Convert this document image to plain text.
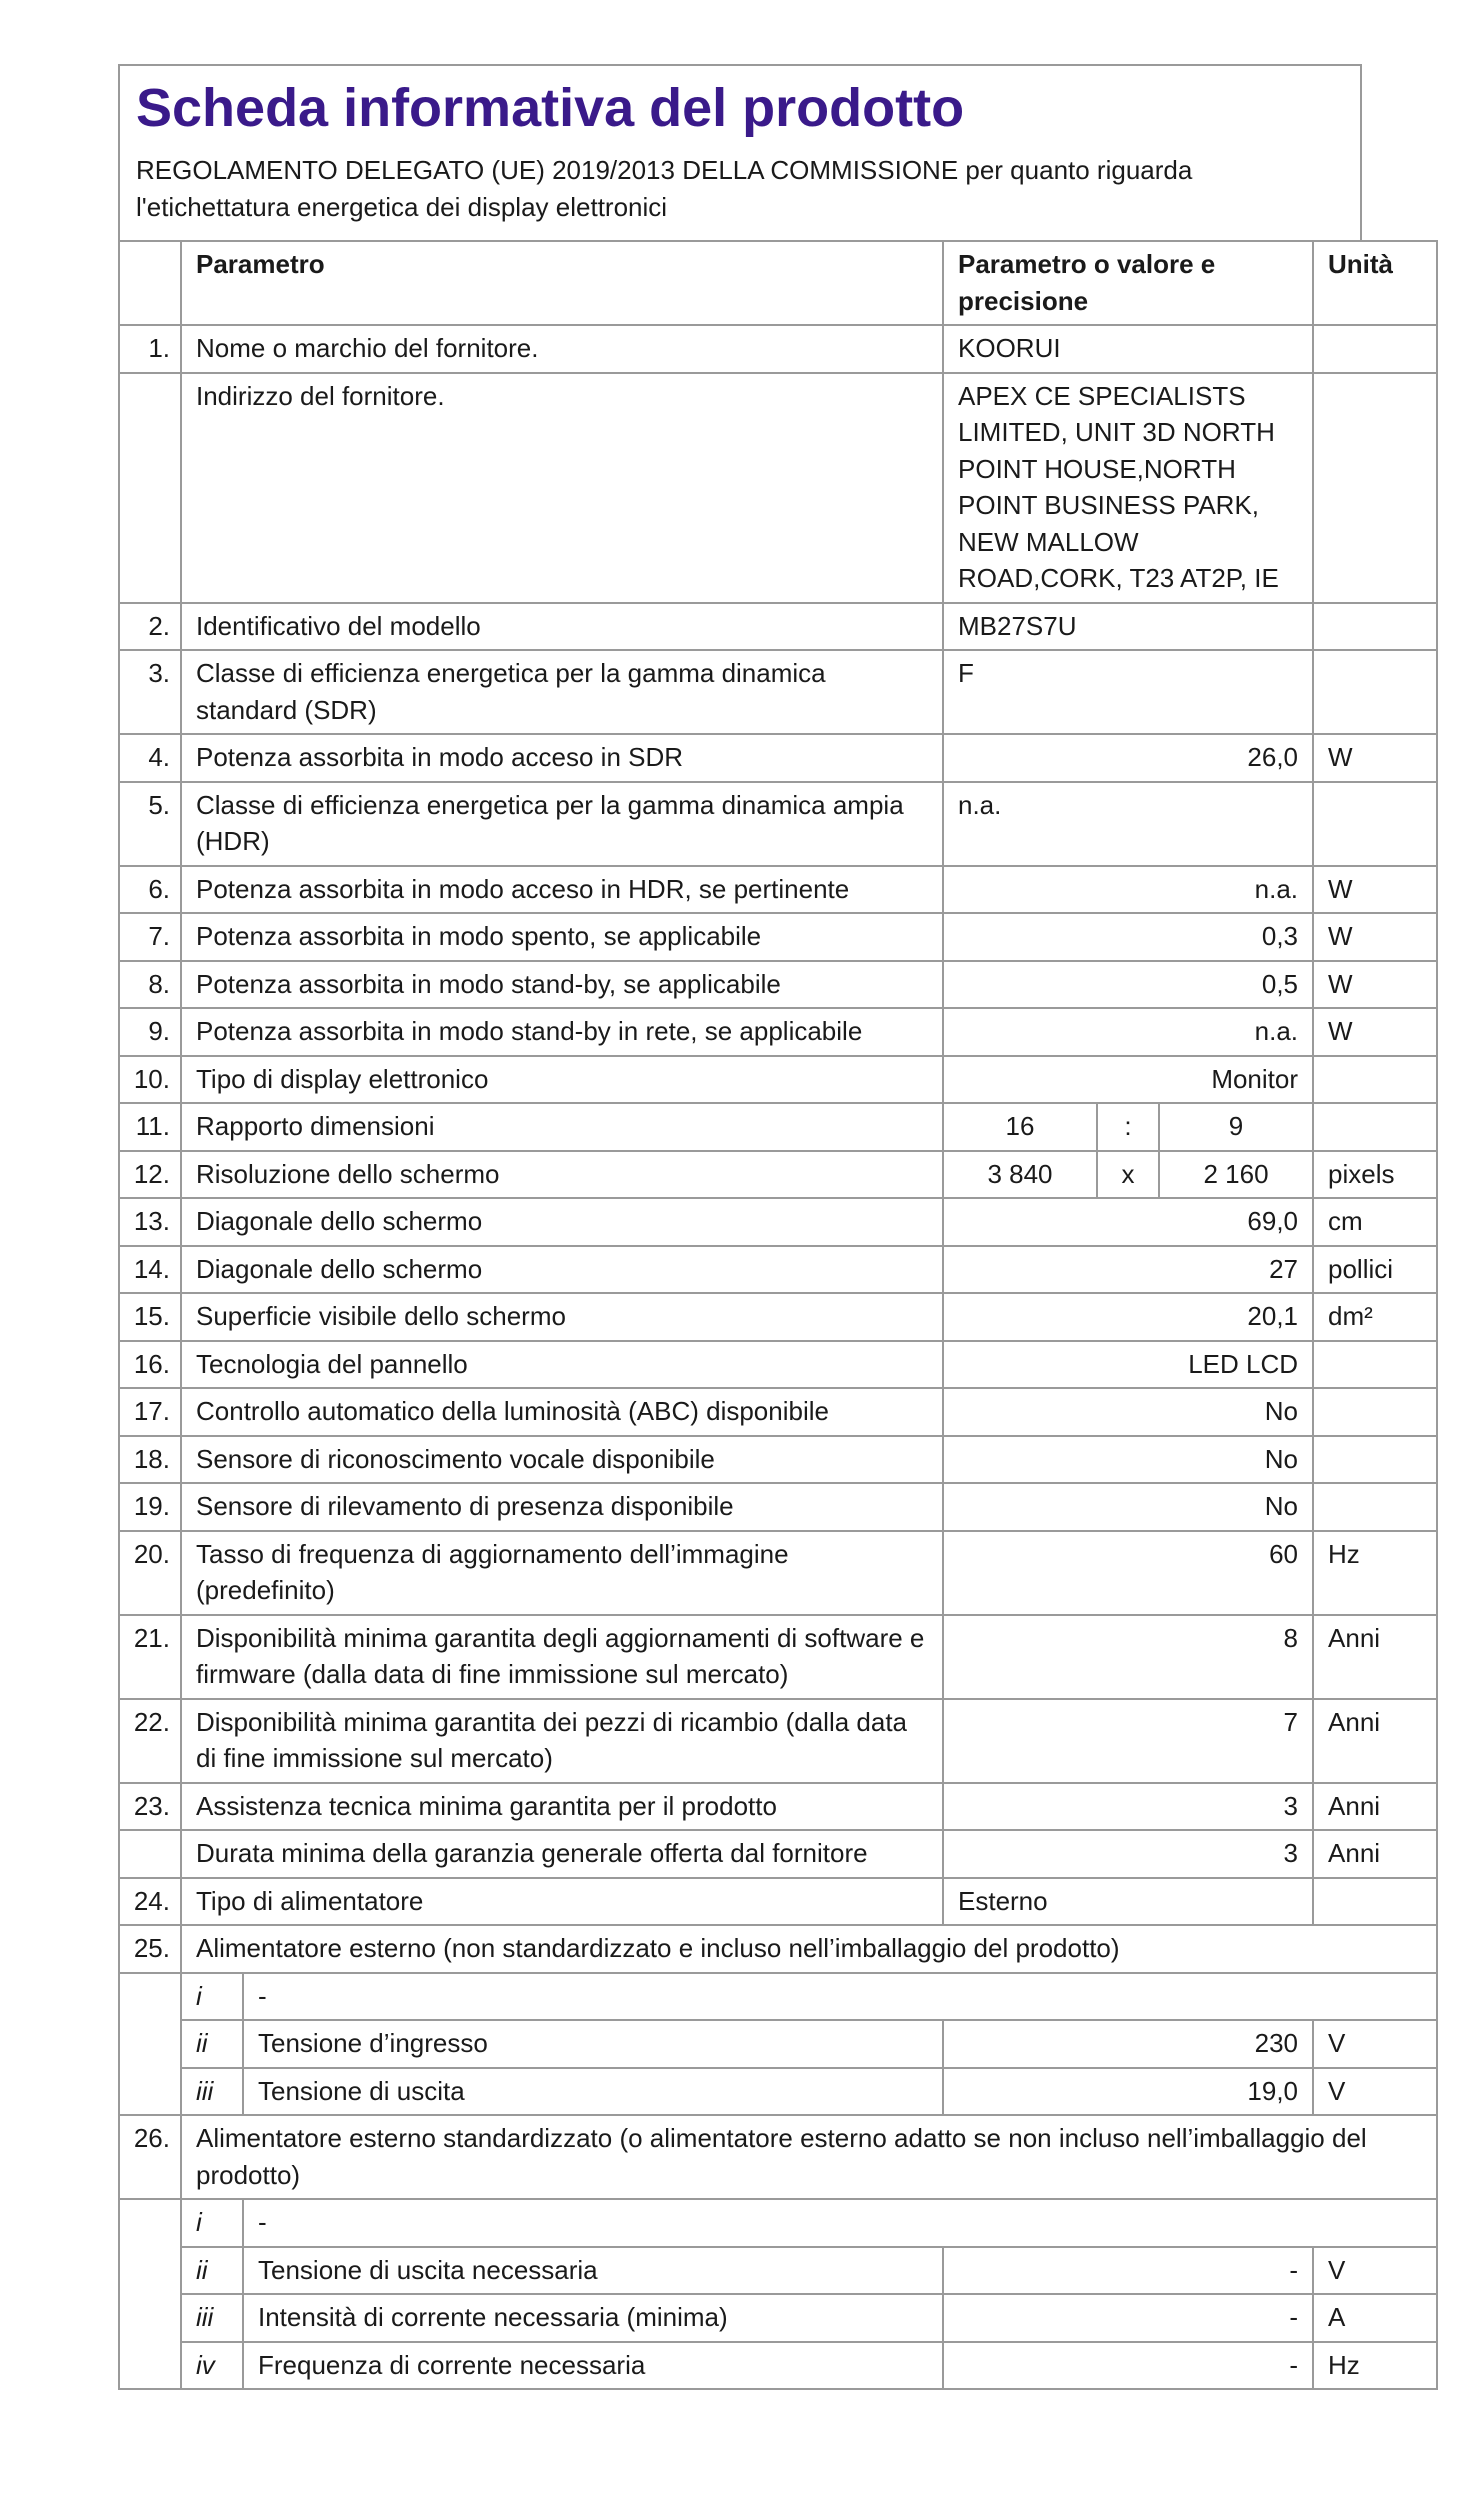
Scheda informativa del prodotto
REGOLAMENTO DELEGATO (UE) 2019/2013 DELLA COMMISSIONE per quanto riguarda l'etichettatura energetica dei display elettronici
	Parametro		Parametro o valore e precisione			Unità
1.	Nome o marchio del fornitore.		KOORUI			
	Indirizzo del fornitore.		APEX CE SPECIALISTS LIMITED, UNIT 3D NORTH POINT HOUSE,NORTH POINT BUSINESS PARK, NEW MALLOW ROAD,CORK, T23 AT2P, IE			
2.	Identificativo del modello		MB27S7U			
3.	Classe di efficienza energetica per la gamma dinamica standard (SDR)		F			
4.	Potenza assorbita in modo acceso in SDR		26,0			W
5.	Classe di efficienza energetica per la gamma dinamica ampia (HDR)		n.a.			
6.	Potenza assorbita in modo acceso in HDR, se pertinente		n.a.			W
7.	Potenza assorbita in modo spento, se applicabile		0,3			W
8.	Potenza assorbita in modo stand-by, se applicabile		0,5			W
9.	Potenza assorbita in modo stand-by in rete, se applicabile		n.a.			W
10.	Tipo di display elettronico		Monitor			
11.	Rapporto dimensioni		16	:	9	
12.	Risoluzione dello schermo		3 840	x	2 160	pixels
13.	Diagonale dello schermo		69,0			cm
14.	Diagonale dello schermo		27			pollici
15.	Superficie visibile dello schermo		20,1			dm²
16.	Tecnologia del pannello		LED LCD			
17.	Controllo automatico della luminosità (ABC) disponibile		No			
18.	Sensore di riconoscimento vocale disponibile		No			
19.	Sensore di rilevamento di presenza disponibile		No			
20.	Tasso di frequenza di aggiornamento dell’immagine (predefinito)		60			Hz
21.	Disponibilità minima garantita degli aggiornamenti di software e firmware (dalla data di fine immissione sul mercato)		8			Anni
22.	Disponibilità minima garantita dei pezzi di ricambio (dalla data di fine immissione sul mercato)		7			Anni
23.	Assistenza tecnica minima garantita per il prodotto		3			Anni
	Durata minima della garanzia generale offerta dal fornitore		3			Anni
24.	Tipo di alimentatore		Esterno			
25.	Alimentatore esterno (non standardizzato e incluso nell’imballaggio del prodotto)					
	i	-				
	ii	Tensione d’ingresso	230			V
	iii	Tensione di uscita	19,0			V
26.	Alimentatore esterno standardizzato (o alimentatore esterno adatto se non incluso nell’imballaggio del prodotto)					
	i	-				
	ii	Tensione di uscita necessaria	-			V
	iii	Intensità di corrente necessaria (minima)	-			A
	iv	Frequenza di corrente necessaria	-			Hz
